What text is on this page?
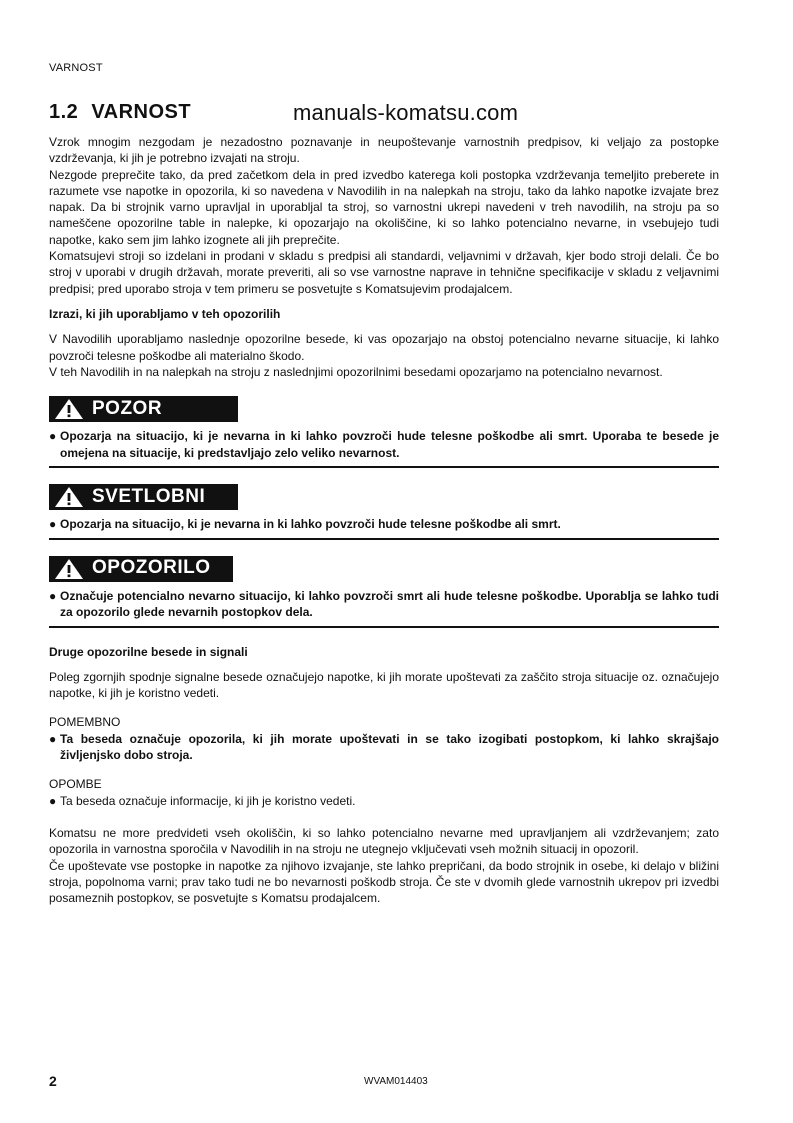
VARNOST
1.2 VARNOST	manuals-komatsu.com

Vzrok mnogim nezgodam je nezadostno poznavanje in neupoštevanje varnostnih predpisov, ki veljajo za postopke vzdrževanja, ki jih je potrebno izvajati na stroju.

Nezgode preprečite tako, da pred začetkom dela in pred izvedbo katerega koli postopka vzdrževanja temeljito preberete in razumete vse napotke in opozorila, ki so navedena v Navodilih in na nalepkah na stroju, tako da lahko napotke izvajate brez napak. Da bi strojnik varno upravljal in uporabljal ta stroj, so varnostni ukrepi navedeni v treh navodilih, na stroju pa so nameščene opozorilne table in nalepke, ki opozarjajo na okoliščine, ki so lahko potencialno nevarne, in vsebujejo tudi napotke, kako sem jim lahko izognete ali jih preprečite.

Komatsujevi stroji so izdelani in prodani v skladu s predpisi ali standardi, veljavnimi v državah, kjer bodo stroji delali. Če bo stroj v uporabi v drugih državah, morate preveriti, ali so vse varnostne naprave in tehnične specifikacije v skladu z veljavnimi predpisi; pred uporabo stroja v tem primeru se posvetujte s Komatsujevim prodajalcem.

Izrazi, ki jih uporabljamo v teh opozorilih

V Navodilih uporabljamo naslednje opozorilne besede, ki vas opozarjajo na obstoj potencialno nevarne situacije, ki lahko povzroči telesne poškodbe ali materialno škodo.

V teh Navodilih in na nalepkah na stroju z naslednjimi opozorilnimi besedami opozarjamo na potencialno nevarnost.

POZOR
● Opozarja na situacijo, ki je nevarna in ki lahko povzroči hude telesne poškodbe ali smrt. Uporaba te besede je omejena na situacije, ki predstavljajo zelo veliko nevarnost.
SVETLOBNI
● Opozarja na situacijo, ki je nevarna in ki lahko povzroči hude telesne poškodbe ali smrt.
OPOZORILO
● Označuje potencialno nevarno situacijo, ki lahko povzroči smrt ali hude telesne poškodbe. Uporablja se lahko tudi za opozorilo glede nevarnih postopkov dela.

Druge opozorilne besede in signali

Poleg zgornjih spodnje signalne besede označujejo napotke, ki jih morate upoštevati za zaščito stroja situacije oz. označujejo napotke, ki jih je koristno vedeti.

POMEMBNO

● Ta beseda označuje opozorila, ki jih morate upoštevati in se tako izogibati postopkom, ki lahko skrajšajo življenjsko dobo stroja.

OPOMBE

● Ta beseda označuje informacije, ki jih je koristno vedeti.

Komatsu ne more predvideti vseh okoliščin, ki so lahko potencialno nevarne med upravljanjem ali vzdrževanjem; zato opozorila in varnostna sporočila v Navodilih in na stroju ne utegnejo vključevati vseh možnih situacij in opozoril.

Če upoštevate vse postopke in napotke za njihovo izvajanje, ste lahko prepričani, da bodo strojnik in osebe, ki delajo v bližini stroja, popolnoma varni; prav tako tudi ne bo nevarnosti poškodb stroja. Če ste v dvomih glede varnostnih ukrepov pri izvedbi posameznih postopkov, se posvetujte s Komatsu prodajalcem.

2	WVAM014403
